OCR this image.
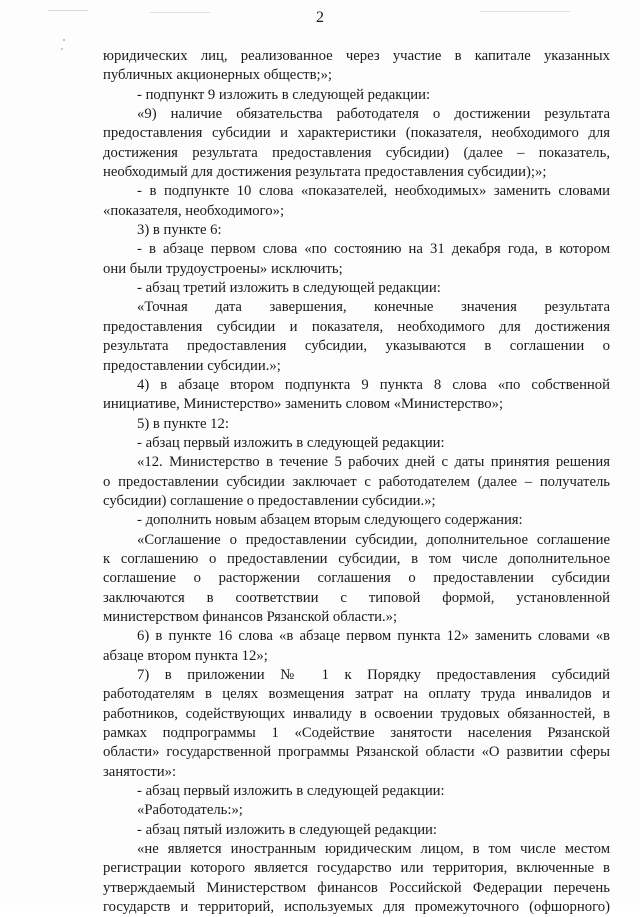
2
юридических лиц, реализованное через участие в капитале указанных
публичных акционерных обществ;»;
- подпункт 9 изложить в следующей редакции:
«9) наличие обязательства работодателя о достижении результата
предоставления субсидии и характеристики (показателя, необходимого для
достижения результата предоставления субсидии) (далее – показатель,
необходимый для достижения результата предоставления субсидии);»;
- в подпункте 10 слова «показателей, необходимых» заменить словами
«показателя, необходимого»;
3) в пункте 6:
- в абзаце первом слова «по состоянию на 31 декабря года, в котором
они были трудоустроены» исключить;
- абзац третий изложить в следующей редакции:
«Точная дата завершения, конечные значения результата
предоставления субсидии и показателя, необходимого для достижения
результата предоставления субсидии, указываются в соглашении о
предоставлении субсидии.»;
4) в абзаце втором подпункта 9 пункта 8 слова «по собственной
инициативе, Министерство» заменить словом «Министерство»;
5) в пункте 12:
- абзац первый изложить в следующей редакции:
«12. Министерство в течение 5 рабочих дней с даты принятия решения
о предоставлении субсидии заключает с работодателем (далее – получатель
субсидии) соглашение о предоставлении субсидии.»;
- дополнить новым абзацем вторым следующего содержания:
«Соглашение о предоставлении субсидии, дополнительное соглашение
к соглашению о предоставлении субсидии, в том числе дополнительное
соглашение о расторжении соглашения о предоставлении субсидии
заключаются в соответствии с типовой формой, установленной
министерством финансов Рязанской области.»;
6) в пункте 16 слова «в абзаце первом пункта 12» заменить словами «в
абзаце втором пункта 12»;
7) в приложении № 1 к Порядку предоставления субсидий
работодателям в целях возмещения затрат на оплату труда инвалидов и
работников, содействующих инвалиду в освоении трудовых обязанностей, в
рамках подпрограммы 1 «Содействие занятости населения Рязанской
области» государственной программы Рязанской области «О развитии сферы
занятости»:
- абзац первый изложить в следующей редакции:
«Работодатель:»;
- абзац пятый изложить в следующей редакции:
«не является иностранным юридическим лицом, в том числе местом
регистрации которого является государство или территория, включенные в
утверждаемый Министерством финансов Российской Федерации перечень
государств и территорий, используемых для промежуточного (офшорного)
